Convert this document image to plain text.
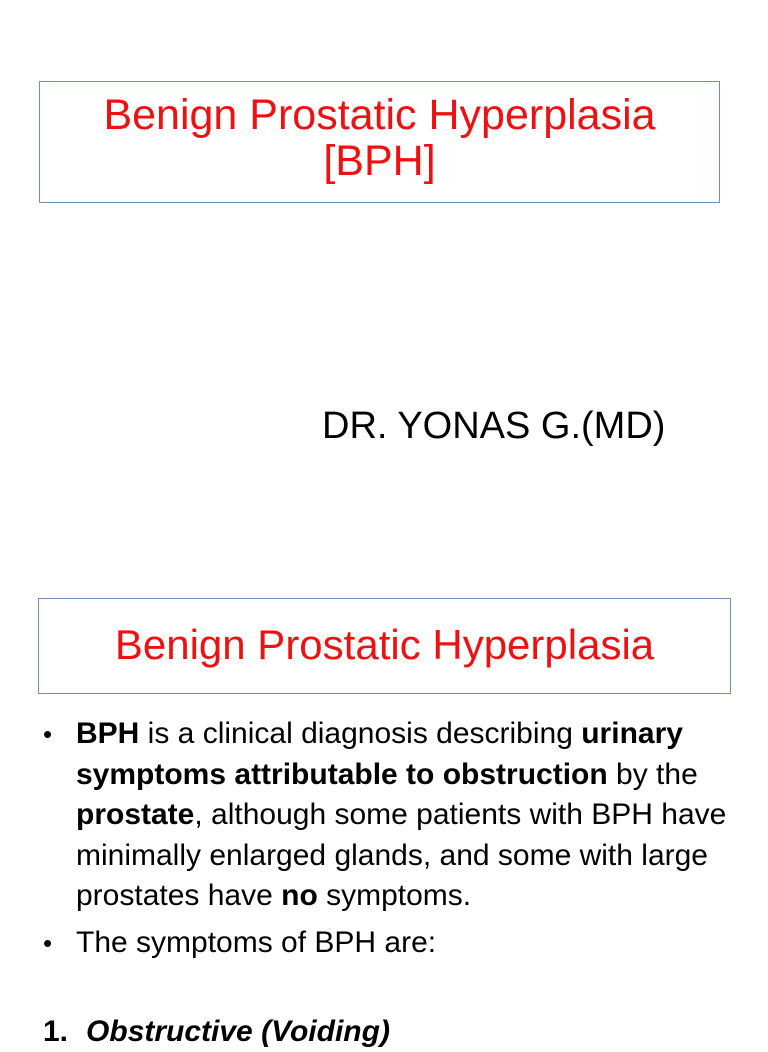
Benign Prostatic Hyperplasia
[BPH]
DR. YONAS G.(MD)
Benign Prostatic Hyperplasia
• BPH is a clinical diagnosis describing urinary symptoms attributable to obstruction by the prostate, although some patients with BPH have minimally enlarged glands, and some with large prostates have no symptoms.
• The symptoms of BPH are:
1. Obstructive (Voiding)
